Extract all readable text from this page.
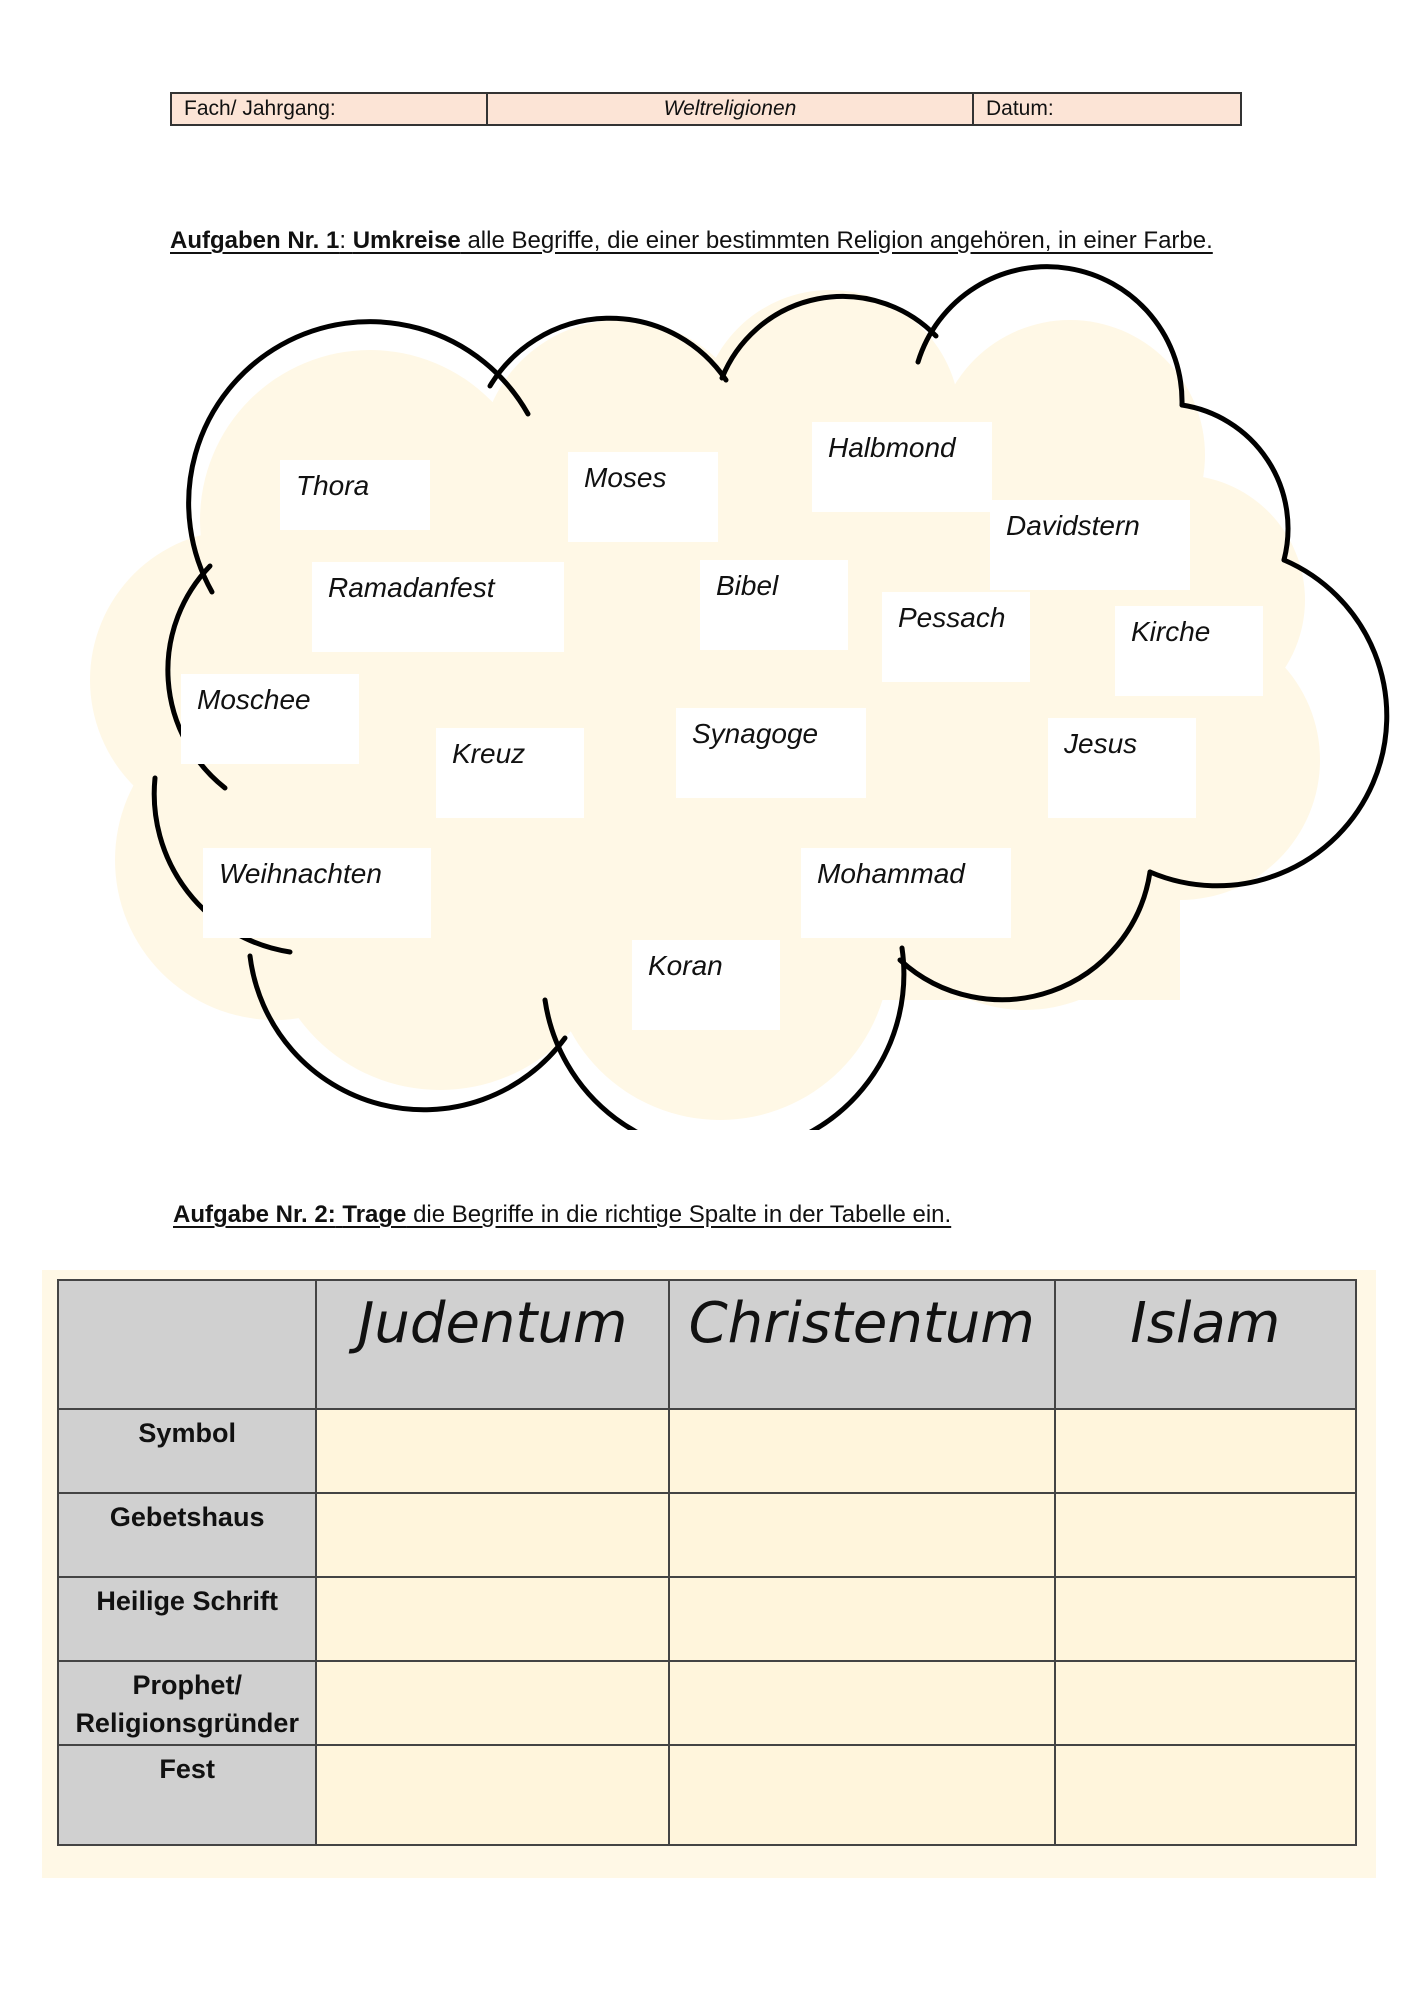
Fach/ Jahrgang:	Weltreligionen	Datum:
Aufgaben Nr. 1: Umkreise alle Begriffe, die einer bestimmten Religion angehören, in einer Farbe.
Thora	Moses
Halbmond
Davidstern
Ramadanfest	Bibel
Pessach	Kirche
Moschee
Kreuz
Synagoge	Jesus
Weihnachten	Mohammad
Koran
Aufgabe Nr. 2: Trage die Begriffe in die richtige Spalte in der Tabelle ein.
	Judentum	Christentum	Islam
Symbol			
Gebetshaus			
Heilige Schrift			
Prophet/ Religionsgründer			
Fest			
